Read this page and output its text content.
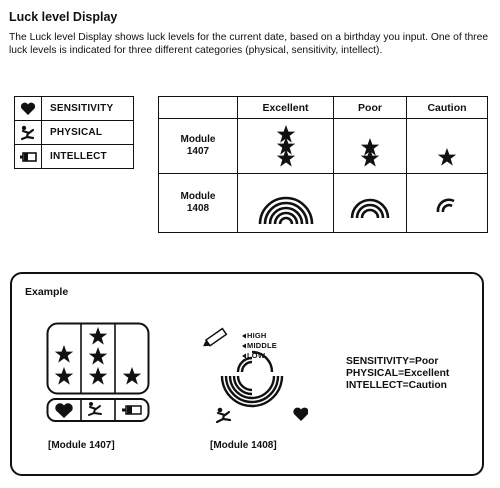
Luck level Display
The Luck level Display shows luck levels for the current date, based on a birthday you input. One of three luck levels is indicated for three different categories (physical, sensitivity, intellect).
SENSITIVITY
PHYSICAL
INTELLECT
	Excellent	Poor	Caution

Module
1407

Module
1408

Example
[Module 1407]
HIGH
MIDDLE
LOW
[Module 1408]
SENSITIVITY=Poor
PHYSICAL=Excellent
INTELLECT=Caution
